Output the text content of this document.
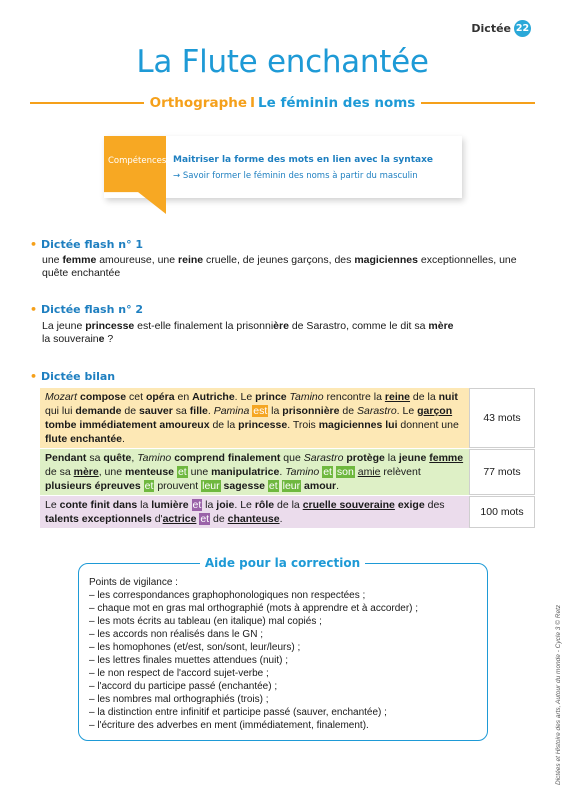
Dictée 22
La Flute enchantée
Orthographe I Le féminin des noms
Compétences Maitriser la forme des mots en lien avec la syntaxe
→ Savoir former le féminin des noms à partir du masculin
• Dictée flash n° 1
une femme amoureuse, une reine cruelle, de jeunes garçons, des magiciennes exceptionnelles, une quête enchantée
• Dictée flash n° 2
La jeune princesse est-elle finalement la prisonnière de Sarastro, comme le dit sa mère
la souveraine ?
• Dictée bilan
Mozart compose cet opéra en Autriche. Le prince Tamino rencontre la reine de la nuit qui lui demande de sauver sa fille. Pamina est la prisonnière de Sarastro. Le garçon tombe immédiatement amoureux de la princesse. Trois magiciennes lui donnent une flute enchantée.
43 mots
Pendant sa quête, Tamino comprend finalement que Sarastro protège la jeune femme de sa mère, une menteuse et une manipulatrice. Tamino et son amie relèvent plusieurs épreuves et prouvent leur sagesse et leur amour.
77 mots
Le conte finit dans la lumière et la joie. Le rôle de la cruelle souveraine exige des talents exceptionnels d'actrice et de chanteuse.
100 mots
Points de vigilance :
– les correspondances graphophonologiques non respectées ;
– chaque mot en gras mal orthographié (mots à apprendre et à accorder) ;
– les mots écrits au tableau (en italique) mal copiés ;
– les accords non réalisés dans le GN ;
– les homophones (et/est, son/sont, leur/leurs) ;
– les lettres finales muettes attendues (nuit) ;
– le non respect de l'accord sujet-verbe ;
– l'accord du participe passé (enchantée) ;
– les nombres mal orthographiés (trois) ;
– la distinction entre infinitif et participe passé (sauver, enchantée) ;
– l'écriture des adverbes en ment (immédiatement, finalement).
Aide pour la correction
Dictées et Histoire des arts, Autour du monde - Cycle 3 © Retz
